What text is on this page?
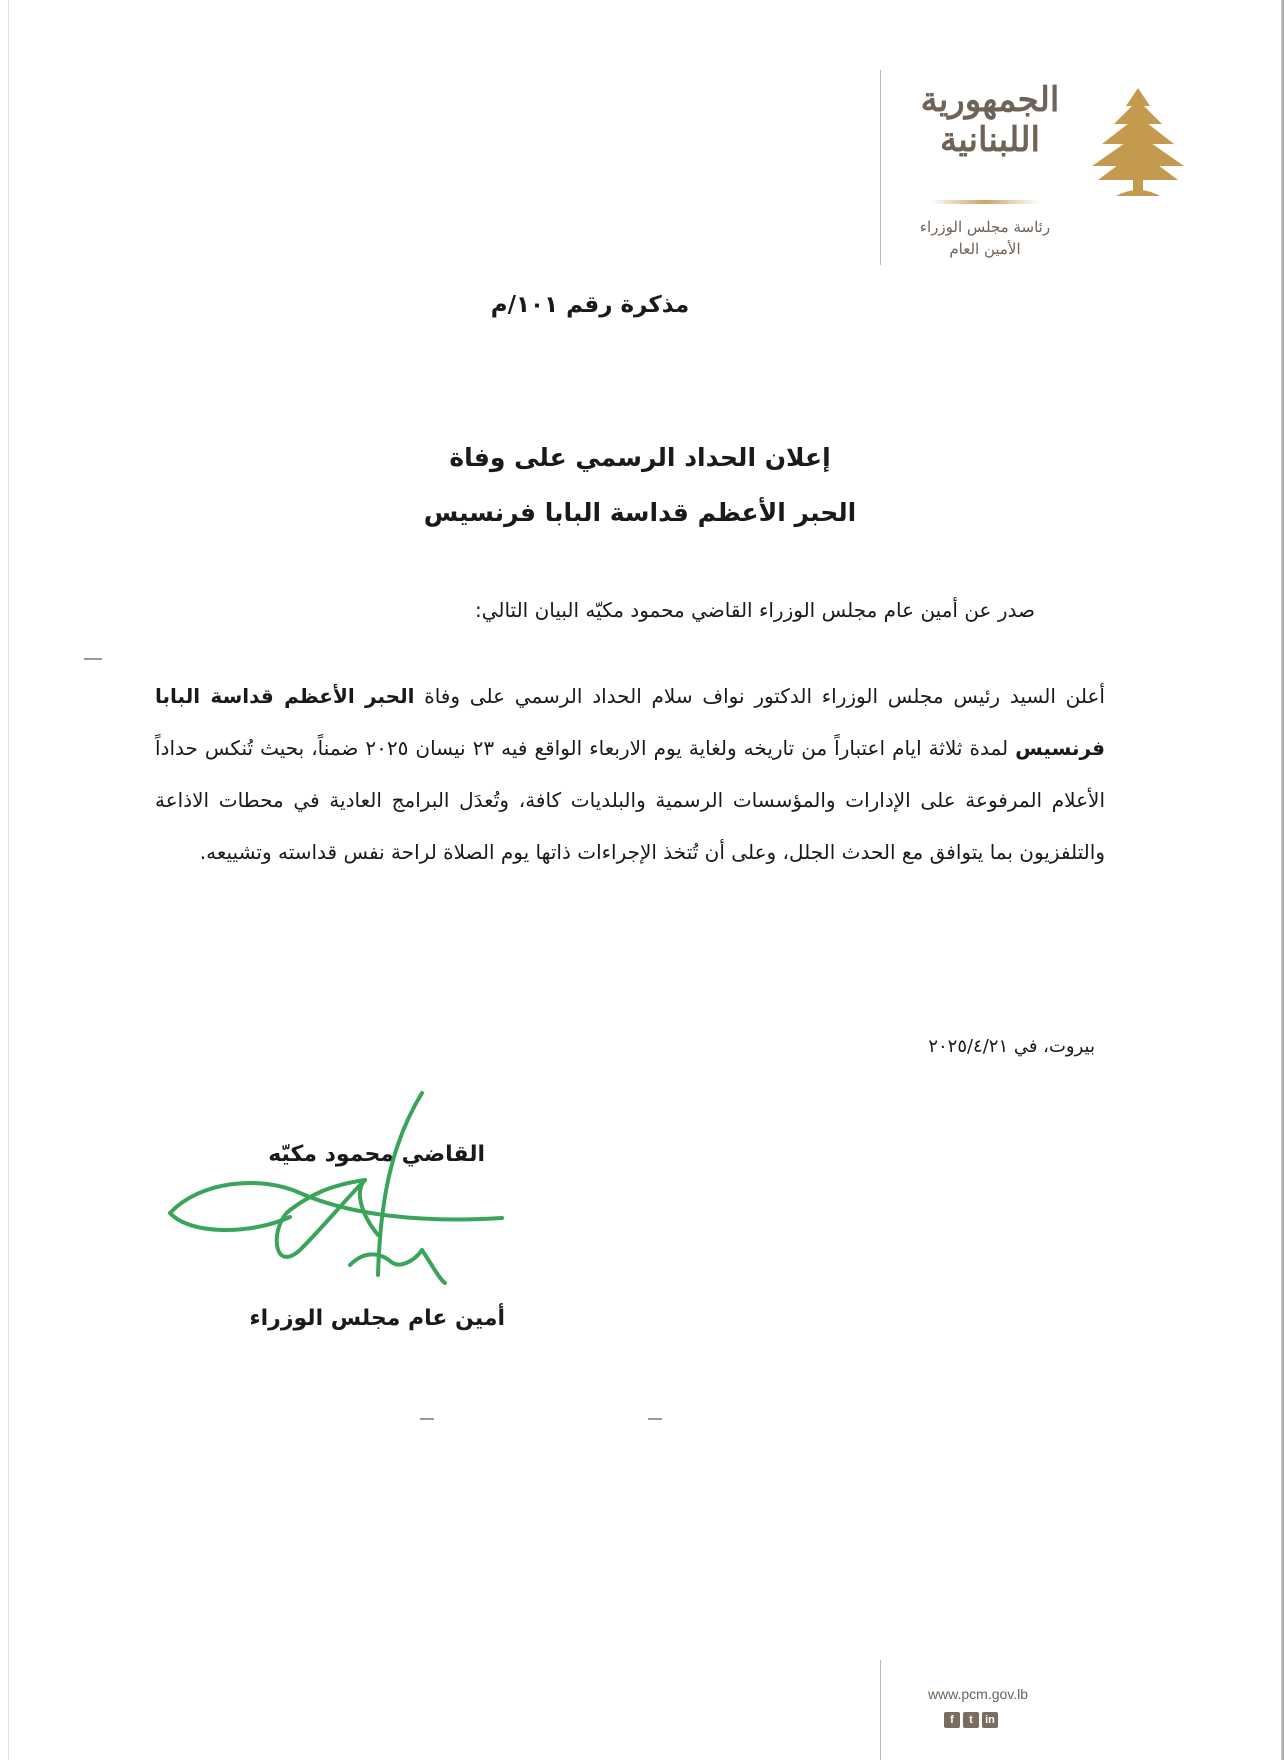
الجمهورية
اللبنانية
رئاسة مجلس الوزراء
الأمين العام
مذكرة رقم ١٠١/م
إعلان الحداد الرسمي على وفاة
الحبر الأعظم قداسة البابا فرنسيس
صدر عن أمين عام مجلس الوزراء القاضي محمود مكيّه البيان التالي:
أعلن السيد رئيس مجلس الوزراء الدكتور نواف سلام الحداد الرسمي على وفاة الحبر الأعظم قداسة البابا فرنسيس لمدة ثلاثة ايام اعتباراً من تاريخه ولغاية يوم الاربعاء الواقع فيه ٢٣ نيسان ٢٠٢٥ ضمناً، بحيث تُنكس حداداً الأعلام المرفوعة على الإدارات والمؤسسات الرسمية والبلديات كافة، وتُعدَل البرامج العادية في محطات الاذاعة والتلفزيون بما يتوافق مع الحدث الجلل، وعلى أن تُتخذ الإجراءات ذاتها يوم الصلاة لراحة نفس قداسته وتشييعه.
بيروت، في ٢٠٢٥/٤/٢١
القاضي محمود مكيّه
أمين عام مجلس الوزراء
www.pcm.gov.lb
f	t	in
